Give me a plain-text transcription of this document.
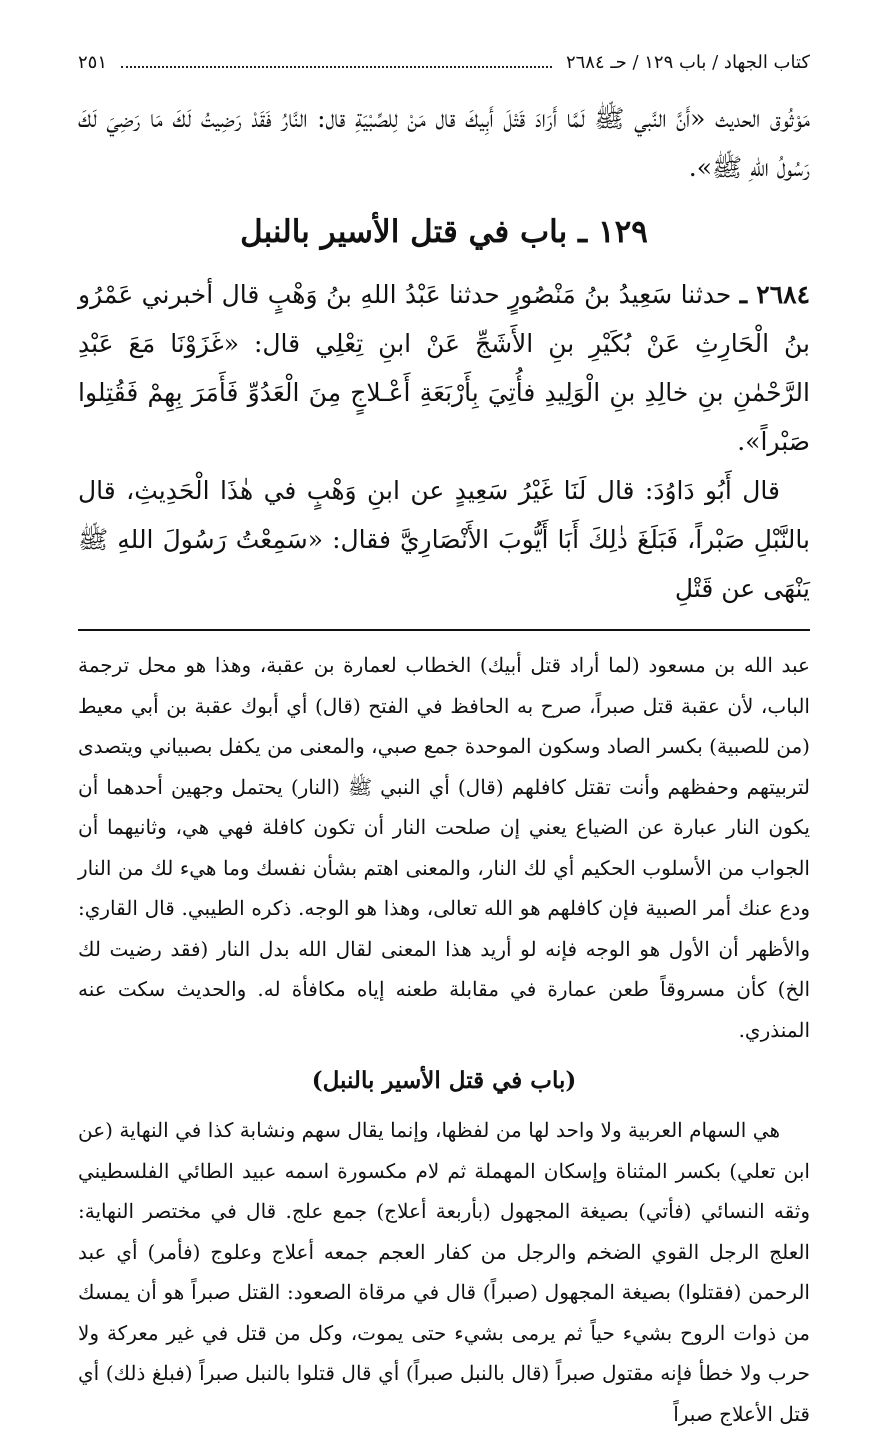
كتاب الجهاد / باب ١٢٩ / حـ ٢٦٨٤
٢٥١

مَوْثُوق الحديث «أَنَّ النَّبي ﷺ لَمَّا أَرَادَ قَتْلَ أَبِيكَ قال مَنْ لِلصِّبْيَةِ قال: النَّارُ فَقَدْ رَضِيتُ لَكَ مَا رَضِيَ لَكَ رَسُولُ اللهِ ﷺ».

١٢٩ ـ باب في قتل الأسير بالنبل

٢٦٨٤ ـ حدثنا سَعِيدُ بنُ مَنْصُورٍ حدثنا عَبْدُ اللهِ بنُ وَهْبٍ قال أخبرني عَمْرُو بنُ الْحَارِثِ عَنْ بُكَيْرِ بنِ الأَشَجِّ عَنْ ابنِ تِعْلِي قال: «غَزَوْنَا مَعَ عَبْدِ الرَّحْمٰنِ بنِ خالِدِ بنِ الْوَلِيدِ فأُتِيَ بِأَرْبَعَةِ أَعْـلاجٍ مِنَ الْعَدُوِّ فَأَمَرَ بِهِمْ فَقُتِلوا صَبْراً».

قال أَبُو دَاوُدَ: قال لَنَا غَيْرُ سَعِيدٍ عن ابنِ وَهْبٍ في هٰذَا الْحَدِيثِ، قال بالنَّبْلِ صَبْراً، فَبَلَغَ ذٰلِكَ أَبَا أَيُّوبَ الأَنْصَارِيَّ فقال: «سَمِعْتُ رَسُولَ اللهِ ﷺ يَنْهَى عن قَتْلِ

عبد الله بن مسعود (لما أراد قتل أبيك) الخطاب لعمارة بن عقبة، وهذا هو محل ترجمة الباب، لأن عقبة قتل صبراً، صرح به الحافظ في الفتح (قال) أي أبوك عقبة بن أبي معيط (من للصبية) بكسر الصاد وسكون الموحدة جمع صبي، والمعنى من يكفل بصبياني ويتصدى لتربيتهم وحفظهم وأنت تقتل كافلهم (قال) أي النبي ﷺ (النار) يحتمل وجهين أحدهما أن يكون النار عبارة عن الضياع يعني إن صلحت النار أن تكون كافلة فهي هي، وثانيهما أن الجواب من الأسلوب الحكيم أي لك النار، والمعنى اهتم بشأن نفسك وما هيء لك من النار ودع عنك أمر الصبية فإن كافلهم هو الله تعالى، وهذا هو الوجه. ذكره الطيبي. قال القاري: والأظهر أن الأول هو الوجه فإنه لو أريد هذا المعنى لقال الله بدل النار (فقد رضيت لك الخ) كأن مسروقاً طعن عمارة في مقابلة طعنه إياه مكافأة له. والحديث سكت عنه المنذري.

(باب في قتل الأسير بالنبل)

هي السهام العربية ولا واحد لها من لفظها، وإنما يقال سهم ونشابة كذا في النهاية (عن ابن تعلي) بكسر المثناة وإسكان المهملة ثم لام مكسورة اسمه عبيد الطائي الفلسطيني وثقه النسائي (فأتي) بصيغة المجهول (بأربعة أعلاج) جمع علج. قال في مختصر النهاية: العلج الرجل القوي الضخم والرجل من كفار العجم جمعه أعلاج وعلوج (فأمر) أي عبد الرحمن (فقتلوا) بصيغة المجهول (صبراً) قال في مرقاة الصعود: القتل صبراً هو أن يمسك من ذوات الروح بشيء حياً ثم يرمى بشيء حتى يموت، وكل من قتل في غير معركة ولا حرب ولا خطأ فإنه مقتول صبراً (قال بالنبل صبراً) أي قال قتلوا بالنبل صبراً (فبلغ ذلك) أي قتل الأعلاج صبراً
